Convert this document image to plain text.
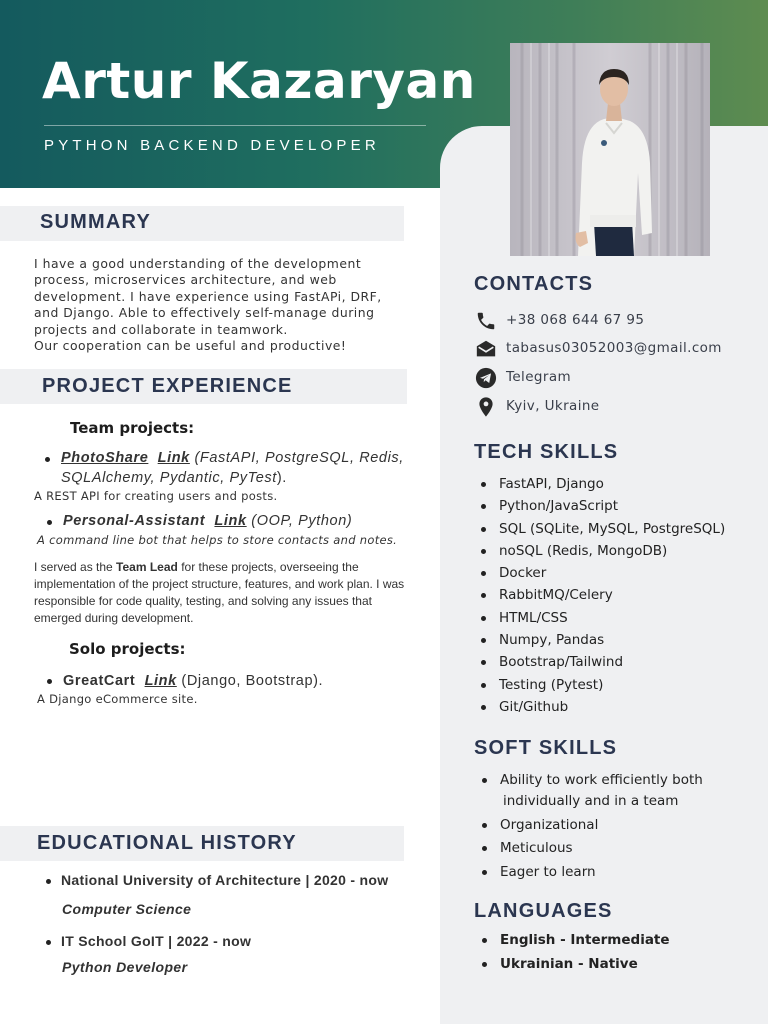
Artur Kazaryan
PYTHON BACKEND DEVELOPER
SUMMARY
I have a good understanding of the development
process, microservices architecture, and web
development. I have experience using FastAPi, DRF,
and Django. Able to effectively self-manage during
projects and collaborate in teamwork.
Our cooperation can be useful and productive!
PROJECT EXPERIENCE
Team projects:
PhotoShare Link (FastAPI, PostgreSQL, Redis,
SQLAlchemy, Pydantic, PyTest).
A REST API for creating users and posts.
Personal-Assistant Link (OOP, Python)
A command line bot that helps to store contacts and notes.
I served as the Team Lead for these projects, overseeing the implementation of the project structure, features, and work plan. I was responsible for code quality, testing, and solving any issues that emerged during development.
Solo projects:
GreatCart Link (Django, Bootstrap).
A Django eCommerce site.
EDUCATIONAL HISTORY
National University of Architecture | 2020 - now
Computer Science
IT School GoIT | 2022 - now
Python Developer
CONTACTS
+38 068 644 67 95
tabasus03052003@gmail.com
Telegram
Kyiv, Ukraine
TECH SKILLS
FastAPI, Django
Python/JavaScript
SQL (SQLite, MySQL, PostgreSQL)
noSQL (Redis, MongoDB)
Docker
RabbitMQ/Celery
HTML/CSS
Numpy, Pandas
Bootstrap/Tailwind
Testing (Pytest)
Git/Github
SOFT SKILLS
Ability to work efficiently both
individually and in a team
Organizational
Meticulous
Eager to learn
LANGUAGES
English - Intermediate
Ukrainian - Native
